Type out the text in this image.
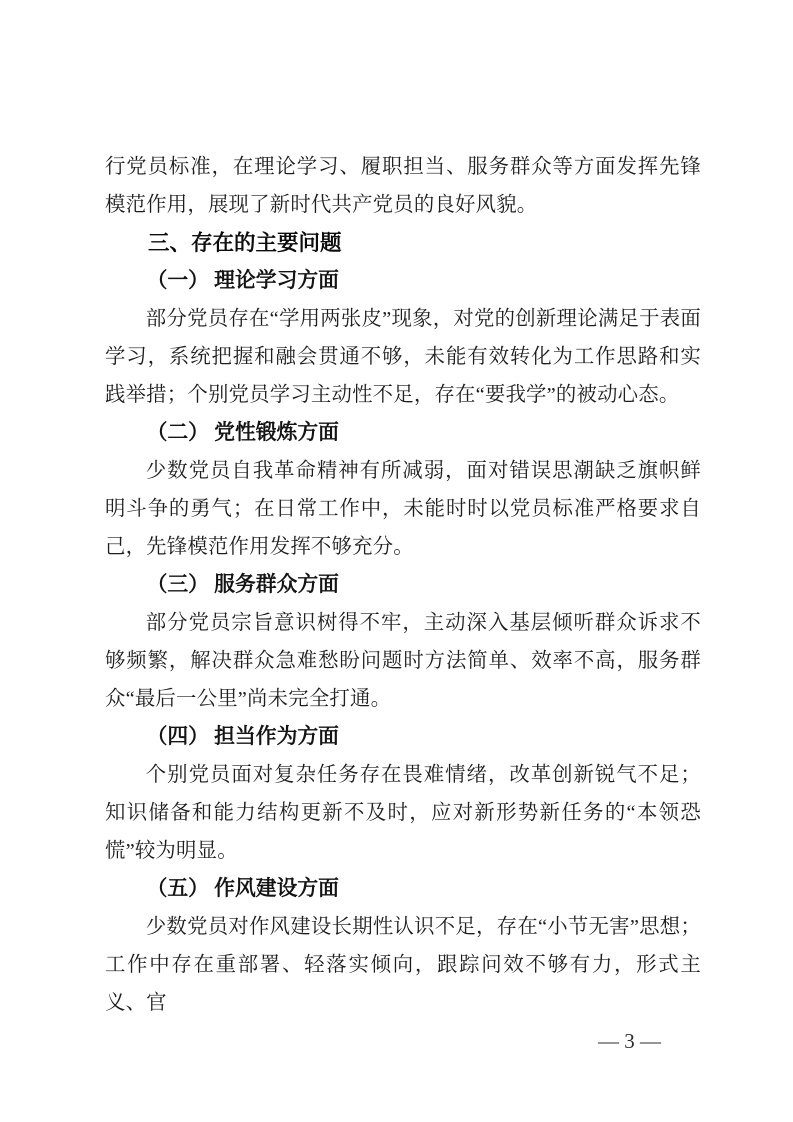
行党员标准，在理论学习、履职担当、服务群众等方面发挥先锋模范作用，展现了新时代共产党员的良好风貌。

三、存在的主要问题
（一） 理论学习方面

部分党员存在“学用两张皮”现象，对党的创新理论满足于表面学习，系统把握和融会贯通不够，未能有效转化为工作思路和实践举措；个别党员学习主动性不足，存在“要我学”的被动心态。

（二） 党性锻炼方面

少数党员自我革命精神有所减弱，面对错误思潮缺乏旗帜鲜明斗争的勇气；在日常工作中，未能时时以党员标准严格要求自己，先锋模范作用发挥不够充分。

（三） 服务群众方面

部分党员宗旨意识树得不牢，主动深入基层倾听群众诉求不够频繁，解决群众急难愁盼问题时方法简单、效率不高，服务群众“最后一公里”尚未完全打通。

（四） 担当作为方面

个别党员面对复杂任务存在畏难情绪，改革创新锐气不足；知识储备和能力结构更新不及时，应对新形势新任务的“本领恐慌”较为明显。

（五） 作风建设方面

少数党员对作风建设长期性认识不足，存在“小节无害”思想；工作中存在重部署、轻落实倾向，跟踪问效不够有力，形式主义、官

— 3 —
